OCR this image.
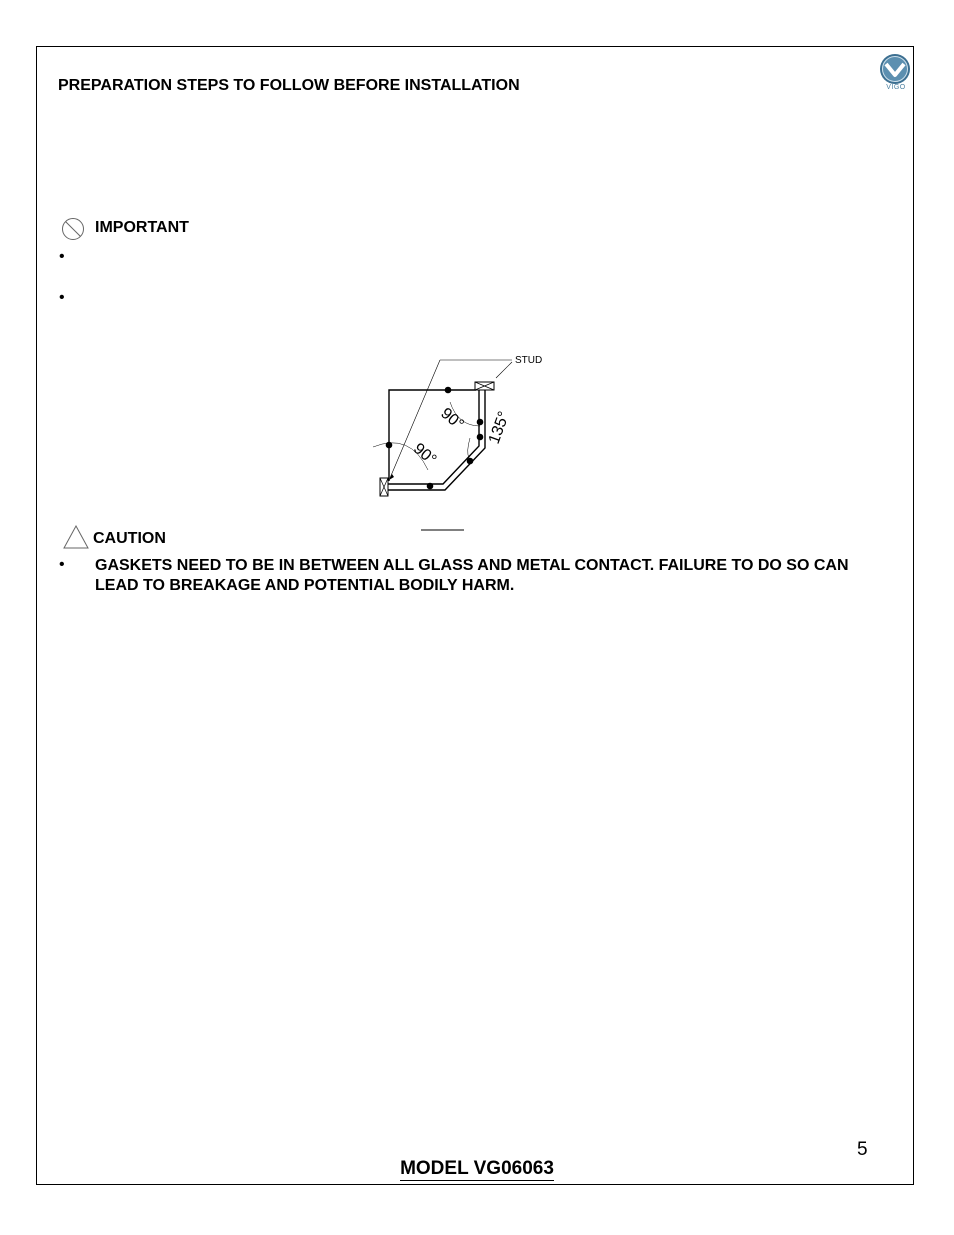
PREPARATION STEPS TO FOLLOW BEFORE INSTALLATION	VIGO
IMPORTANT
•
•
STUD
90°
90°
135°
CAUTION
• GASKETS NEED TO BE IN BETWEEN ALL GLASS AND METAL CONTACT. FAILURE TO DO SO CAN LEAD TO BREAKAGE AND POTENTIAL BODILY HARM.
5
MODEL VG06063
